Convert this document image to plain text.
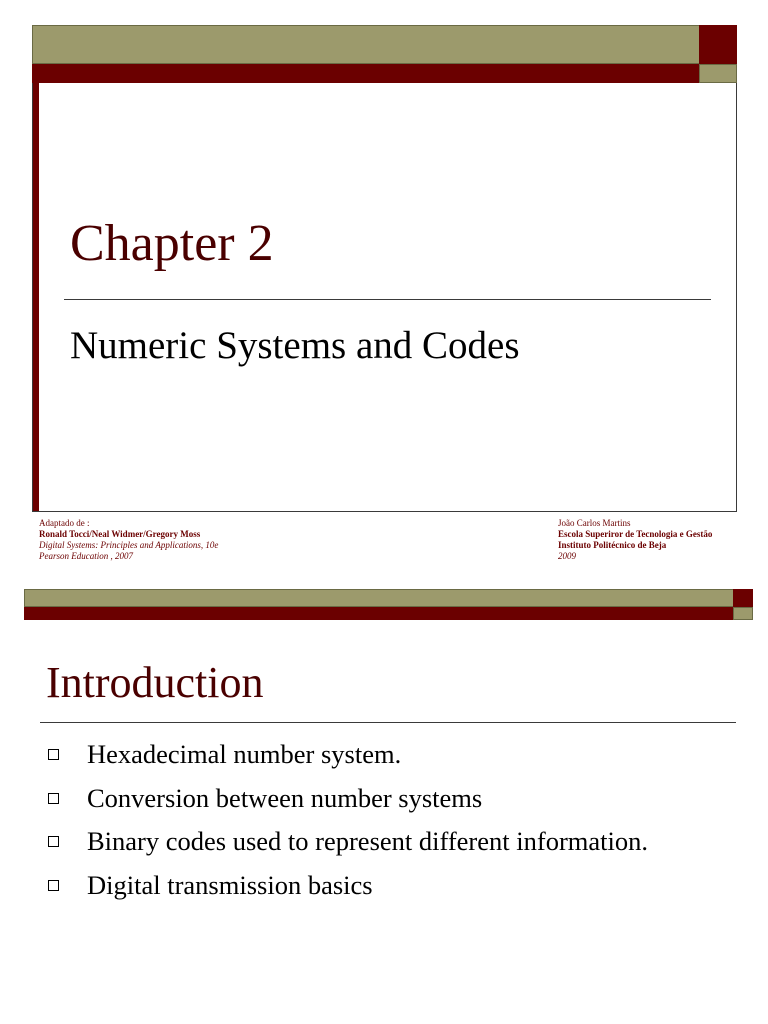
Chapter 2
Numeric Systems and Codes
Adaptado de :
Ronald Tocci/Neal Widmer/Gregory Moss
Digital Systems: Principles and Applications, 10e
Pearson Education , 2007
João Carlos Martins
Escola Superiror de Tecnologia e Gestão
Instituto Politécnico de Beja
2009
Introduction
Hexadecimal number system.
Conversion between number systems
Binary codes used to represent different information.
Digital transmission basics
